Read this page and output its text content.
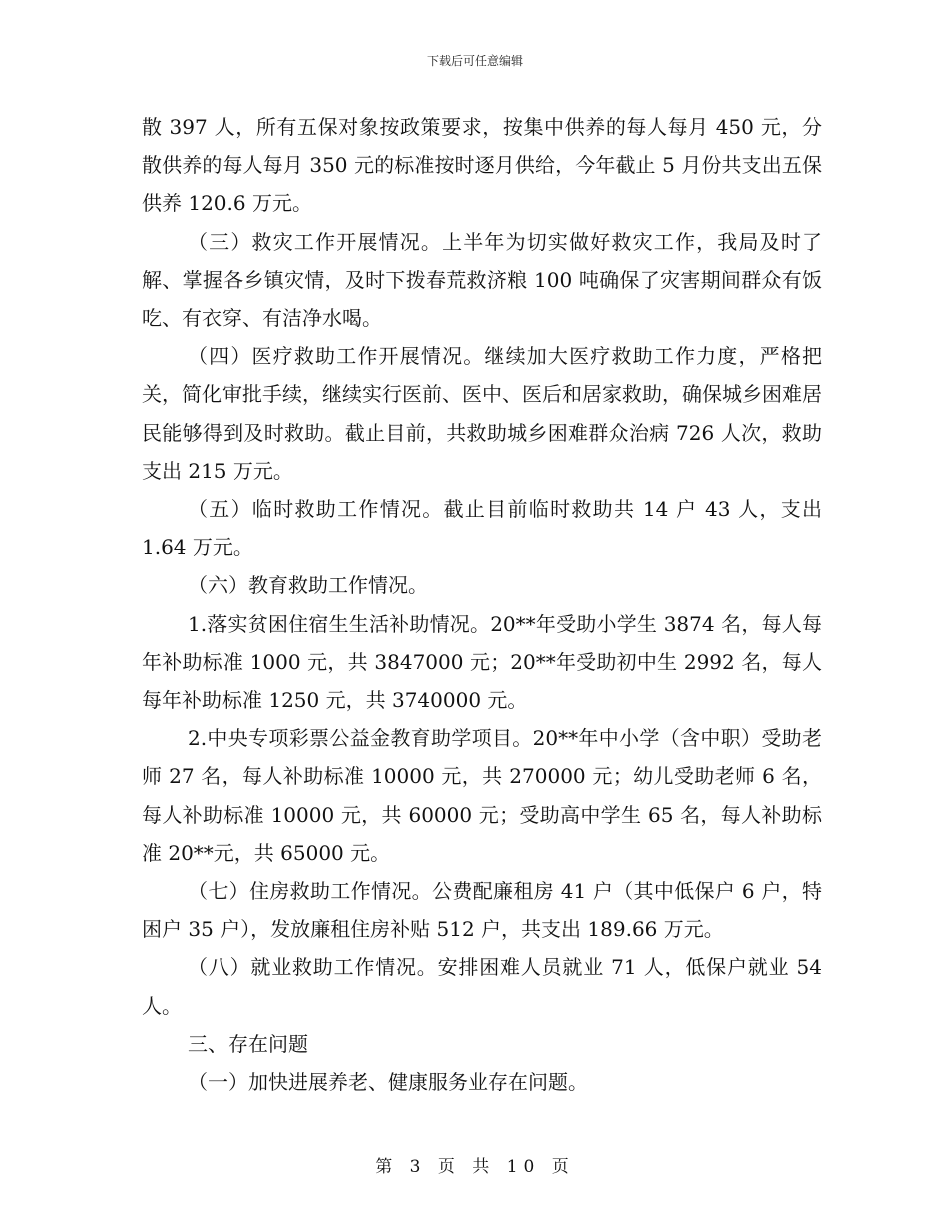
下载后可任意编辑

散 397 人，所有五保对象按政策要求，按集中供养的每人每月 450 元，分散供养的每人每月 350 元的标准按时逐月供给，今年截止 5 月份共支出五保供养 120.6 万元。

（三）救灾工作开展情况。上半年为切实做好救灾工作，我局及时了解、掌握各乡镇灾情，及时下拨春荒救济粮 100 吨确保了灾害期间群众有饭吃、有衣穿、有洁净水喝。

（四）医疗救助工作开展情况。继续加大医疗救助工作力度，严格把关，简化审批手续，继续实行医前、医中、医后和居家救助，确保城乡困难居民能够得到及时救助。截止目前，共救助城乡困难群众治病 726 人次，救助支出 215 万元。

（五）临时救助工作情况。截止目前临时救助共 14 户 43 人，支出 1.64 万元。

（六）教育救助工作情况。

1.落实贫困住宿生生活补助情况。20**年受助小学生 3874 名，每人每年补助标准 1000 元，共 3847000 元；20**年受助初中生 2992 名，每人每年补助标准 1250 元，共 3740000 元。

2.中央专项彩票公益金教育助学项目。20**年中小学（含中职）受助老师 27 名，每人补助标准 10000 元，共 270000 元；幼儿受助老师 6 名，每人补助标准 10000 元，共 60000 元；受助高中学生 65 名，每人补助标准 20**元，共 65000 元。

（七）住房救助工作情况。公费配廉租房 41 户（其中低保户 6 户，特困户 35 户），发放廉租住房补贴 512 户，共支出 189.66 万元。

（八）就业救助工作情况。安排困难人员就业 71 人，低保户就业 54 人。

三、存在问题

（一）加快进展养老、健康服务业存在问题。

第 3 页 共 10 页
